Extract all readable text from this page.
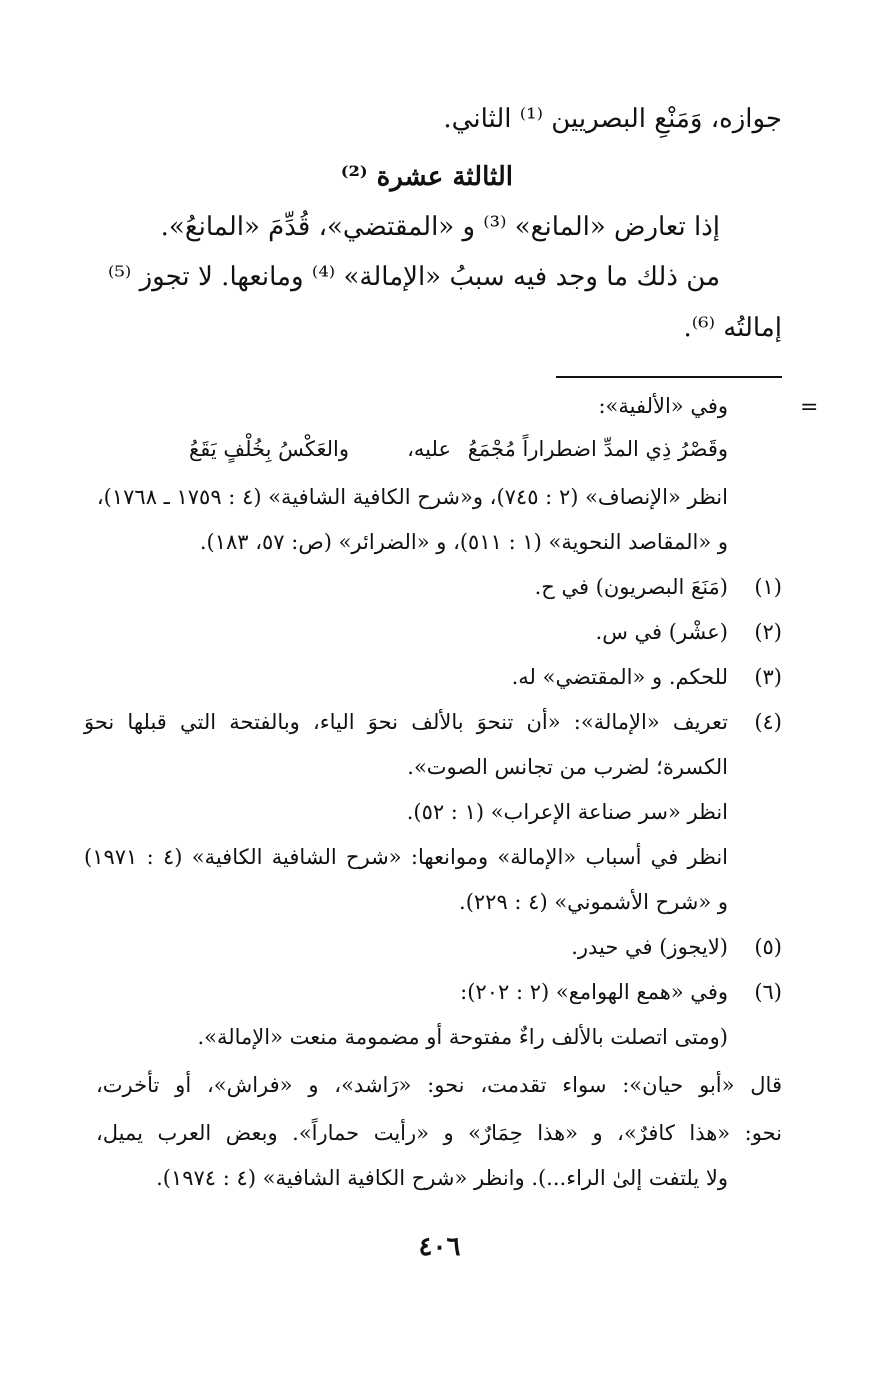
جوازه، وَمَنْعِ البصريين ⁽¹⁾ الثاني.
الثالثة عشرة ⁽²⁾
إذا تعارض «المانع» ⁽³⁾ و «المقتضي»، قُدِّمَ «المانعُ».
من ذلك ما وجد فيه سببُ «الإمالة» ⁽⁴⁾ ومانعها. لا تجوز ⁽⁵⁾
إمالتُه ⁽⁶⁾.
=
وفي «الألفية»:
وقَصْرُ ذِي المدِّ اضطراراً مُجْمَعُ
عليه،
والعَكْسُ بِخُلْفٍ يَقَعُ
انظر «الإنصاف» (٢ : ٧٤٥)، و«شرح الكافية الشافية» (٤ : ١٧٥٩ ـ ١٧٦٨)،
و «المقاصد النحوية» (١ : ٥١١)، و «الضرائر» (ص: ٥٧، ١٨٣).
(١)
(مَنَعَ البصريون) في ح.
(٢)
(عشْر) في س.
(٣)
للحكم. و «المقتضي» له.
(٤)
تعريف «الإمالة»: «أن تنحوَ بالألف نحوَ الياء، وبالفتحة التي قبلها نحوَ
الكسرة؛ لضرب من تجانس الصوت».
انظر «سر صناعة الإعراب» (١ : ٥٢).
انظر في أسباب «الإمالة» وموانعها: «شرح الشافية الكافية» (٤ : ١٩٧١)
و «شرح الأشموني» (٤ : ٢٢٩).
(٥)
(لايجوز) في حيدر.
(٦)
وفي «همع الهوامع» (٢ : ٢٠٢):
(ومتى اتصلت بالألف راءٌ مفتوحة أو مضمومة منعت «الإمالة».
قال «أبو حيان»: سواء تقدمت، نحو: «رَاشد»، و «فراش»، أو تأخرت،
نحو: «هذا كافرٌ»، و «هذا حِمَارٌ» و «رأيت حماراً». وبعض العرب يميل،
ولا يلتفت إلىٰ الراء...). وانظر «شرح الكافية الشافية» (٤ : ١٩٧٤).
٤٠٦
